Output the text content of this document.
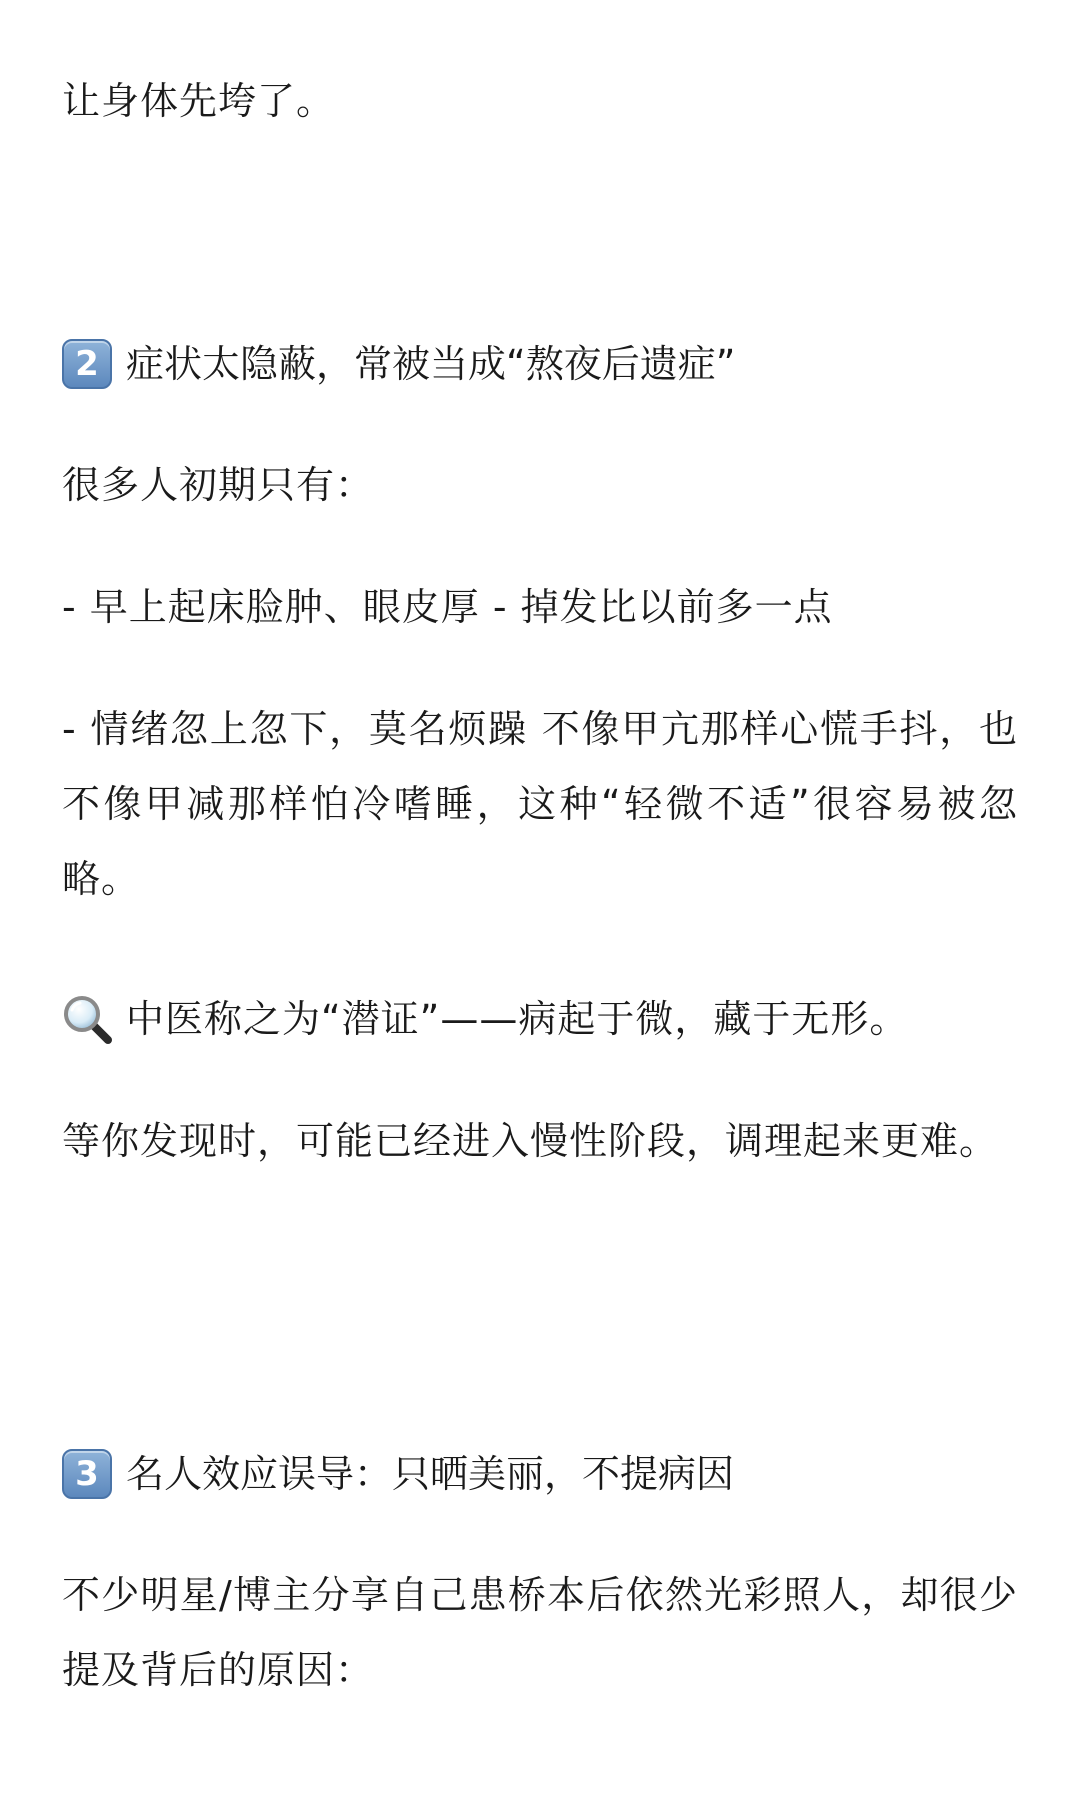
让身体先垮了。

2 症状太隐蔽，常被当成“熬夜后遗症”

很多人初期只有：

- 早上起床脸肿、眼皮厚 - 掉发比以前多一点

- 情绪忽上忽下，莫名烦躁 不像甲亢那样心慌手抖，也不像甲减那样怕冷嗜睡，这种“轻微不适”很容易被忽略。

中医称之为“潜证”——病起于微，藏于无形。

等你发现时，可能已经进入慢性阶段，调理起来更难。

3 名人效应误导：只晒美丽，不提病因

不少明星/博主分享自己患桥本后依然光彩照人，却很少提及背后的原因：
